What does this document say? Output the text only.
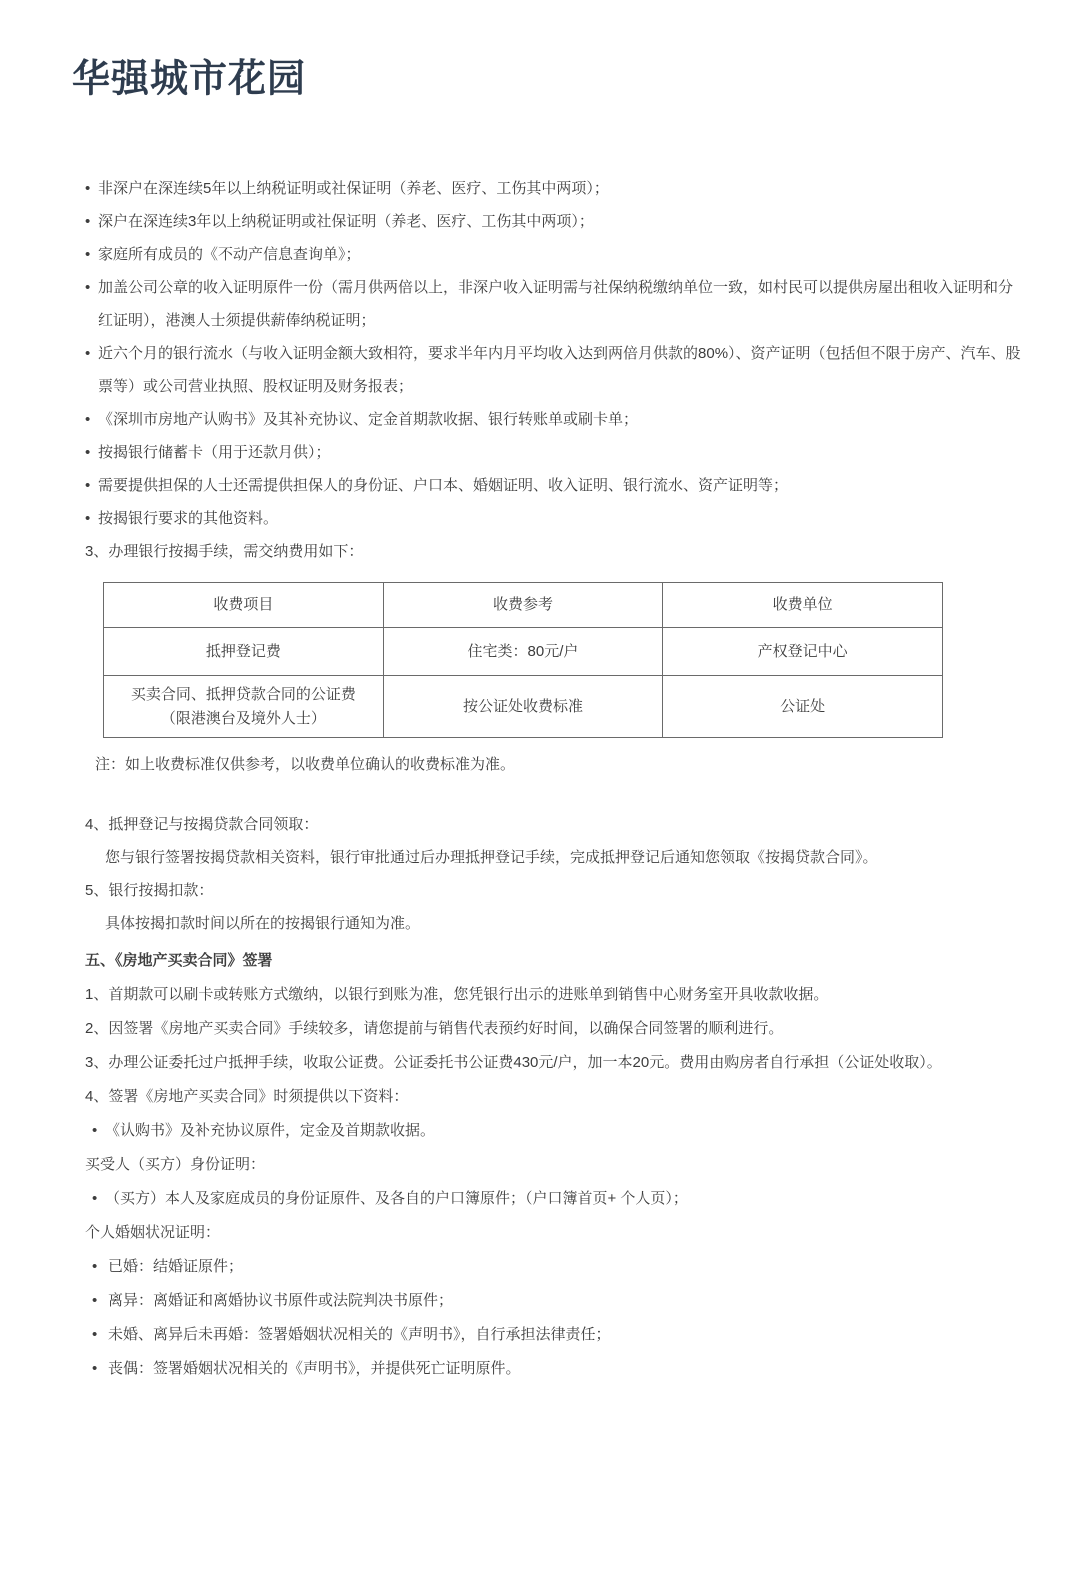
华强城市花园
• 非深户在深连续5年以上纳税证明或社保证明（养老、医疗、工伤其中两项）；
• 深户在深连续3年以上纳税证明或社保证明（养老、医疗、工伤其中两项）；
• 家庭所有成员的《不动产信息查询单》；
• 加盖公司公章的收入证明原件一份（需月供两倍以上，非深户收入证明需与社保纳税缴纳单位一致，如村民可以提供房屋出租收入证明和分红证明），港澳人士须提供薪俸纳税证明；
• 近六个月的银行流水（与收入证明金额大致相符，要求半年内月平均收入达到两倍月供款的80%）、资产证明（包括但不限于房产、汽车、股票等）或公司营业执照、股权证明及财务报表；
• 《深圳市房地产认购书》及其补充协议、定金首期款收据、银行转账单或刷卡单；
• 按揭银行储蓄卡（用于还款月供）；
• 需要提供担保的人士还需提供担保人的身份证、户口本、婚姻证明、收入证明、银行流水、资产证明等；
• 按揭银行要求的其他资料。
3、办理银行按揭手续，需交纳费用如下：
收费项目	收费参考	收费单位
抵押登记费	住宅类：80元/户	产权登记中心

买卖合同、抵押贷款合同的公证费
（限港澳台及境外人士）	按公证处收费标准	公证处
注：如上收费标准仅供参考，以收费单位确认的收费标准为准。
4、抵押登记与按揭贷款合同领取：
您与银行签署按揭贷款相关资料，银行审批通过后办理抵押登记手续，完成抵押登记后通知您领取《按揭贷款合同》。
5、银行按揭扣款：
具体按揭扣款时间以所在的按揭银行通知为准。
五、《房地产买卖合同》签署
1、首期款可以刷卡或转账方式缴纳，以银行到账为准，您凭银行出示的进账单到销售中心财务室开具收款收据。
2、因签署《房地产买卖合同》手续较多，请您提前与销售代表预约好时间，以确保合同签署的顺利进行。
3、办理公证委托过户抵押手续，收取公证费。公证委托书公证费430元/户，加一本20元。费用由购房者自行承担（公证处收取）。
4、签署《房地产买卖合同》时须提供以下资料：
• 《认购书》及补充协议原件，定金及首期款收据。
买受人（买方）身份证明：
• （买方）本人及家庭成员的身份证原件、及各自的户口簿原件；（户口簿首页+ 个人页）；
个人婚姻状况证明：
• 已婚：结婚证原件；
• 离异：离婚证和离婚协议书原件或法院判决书原件；
• 未婚、离异后未再婚：签署婚姻状况相关的《声明书》，自行承担法律责任；
• 丧偶：签署婚姻状况相关的《声明书》，并提供死亡证明原件。
